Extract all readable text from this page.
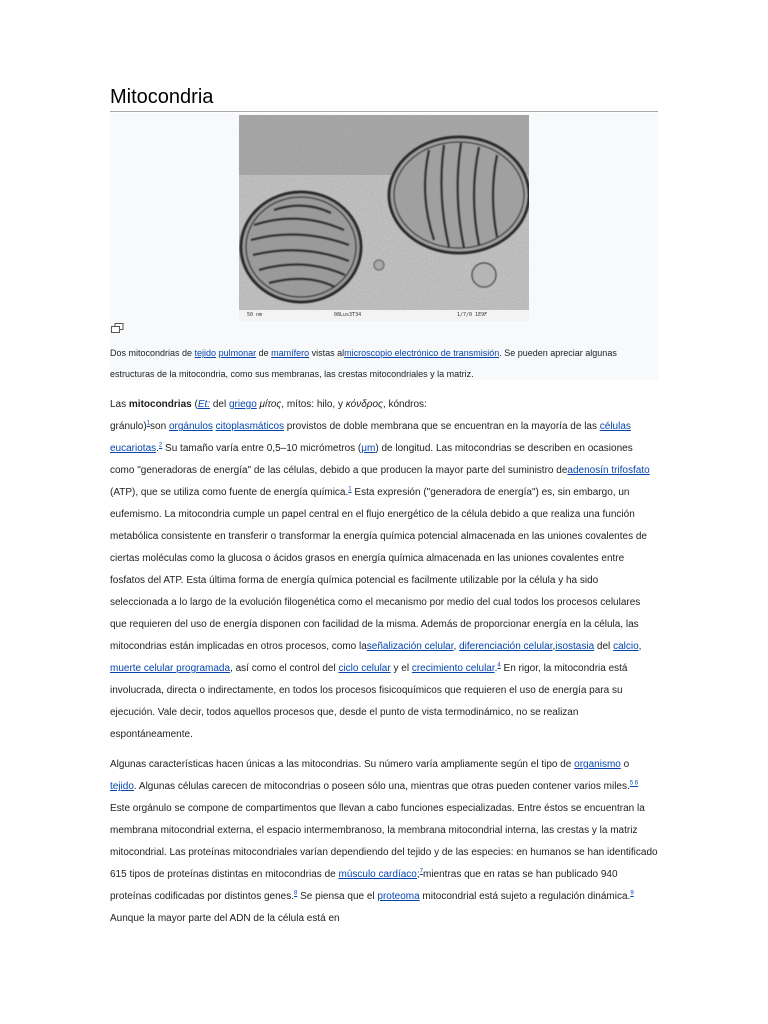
Mitocondria
50 nm	08Lus3T34	1/7/0 1E9F
Dos mitocondrias de tejido pulmonar de mamífero vistas almicroscopio electrónico de transmisión. Se pueden apreciar algunas estructuras de la mitocondria, como sus membranas, las crestas mitocondriales y la matriz.

Las mitocondrias (Et: del griego μίτος, mítos: hilo, y κόνδρος, kóndros:
gránulo)$^1$son orgánulos citoplasmáticos provistos de doble membrana que se encuentran en la mayoría de las células eucariotas.$^2$ Su tamaño varía entre 0,5–10 micrómetros (μm) de longitud. Las mitocondrias se describen en ocasiones como "generadoras de energía" de las células, debido a que producen la mayor parte del suministro deadenosín trifosfato (ATP), que se utiliza como fuente de energía química.$^1$ Esta expresión ("generadora de energía") es, sin embargo, un eufemismo. La mitocondria cumple un papel central en el flujo energético de la célula debido a que realiza una función metabólica consistente en transferir o transformar la energía química potencial almacenada en las uniones covalentes de ciertas moléculas como la glucosa o ácidos grasos en energía química almacenada en las uniones covalentes entre fosfatos del ATP. Esta última forma de energía química potencial es facilmente utilizable por la célula y ha sido seleccionada a lo largo de la evolución filogenética como el mecanismo por medio del cual todos los procesos celulares que requieren del uso de energía disponen con facilidad de la misma. Además de proporcionar energía en la célula, las mitocondrias están implicadas en otros procesos, como laseñalización celular, diferenciación celular,isostasia del calcio, muerte celular programada, así como el control del ciclo celular y el crecimiento celular.$^4$ En rigor, la mitocondria está involucrada, directa o indirectamente, en todos los procesos fisicoquímicos que requieren el uso de energía para su ejecución. Vale decir, todos aquellos procesos que, desde el punto de vista termodinámico, no se realizan espontáneamente.

Algunas características hacen únicas a las mitocondrias. Su número varía ampliamente según el tipo de organismo o tejido. Algunas células carecen de mitocondrias o poseen sólo una, mientras que otras pueden contener varios miles.$^{5 6}$ Este orgánulo se compone de compartimentos que llevan a cabo funciones especializadas. Entre éstos se encuentran la membrana mitocondrial externa, el espacio intermembranoso, la membrana mitocondrial interna, las crestas y la matriz mitocondrial. Las proteínas mitocondriales varían dependiendo del tejido y de las especies: en humanos se han identificado 615 tipos de proteínas distintas en mitocondrias de músculo cardíaco;$^7$mientras que en ratas se han publicado 940 proteínas codificadas por distintos genes.$^8$ Se piensa que el proteoma mitocondrial está sujeto a regulación dinámica.$^9$ Aunque la mayor parte del ADN de la célula está en
